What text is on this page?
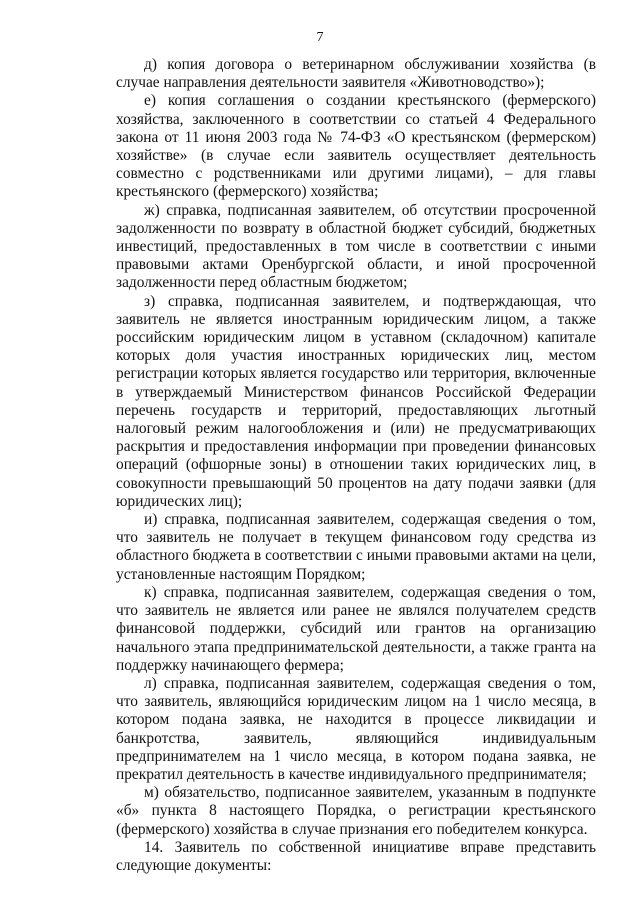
7

д) копия договора о ветеринарном обслуживании хозяйства (в случае направления деятельности заявителя «Животноводство»);

е) копия соглашения о создании крестьянского (фермерского) хозяйства, заключенного в соответствии со статьей 4 Федерального закона от 11 июня 2003 года № 74-ФЗ «О крестьянском (фермерском) хозяйстве» (в случае если заявитель осуществляет деятельность совместно с родственниками или другими лицами), – для главы крестьянского (фермерского) хозяйства;

ж) справка, подписанная заявителем, об отсутствии просроченной задолженности по возврату в областной бюджет субсидий, бюджетных инвестиций, предоставленных в том числе в соответствии с иными правовыми актами Оренбургской области, и иной просроченной задолженности перед областным бюджетом;

з) справка, подписанная заявителем, и подтверждающая, что заявитель не является иностранным юридическим лицом, а также российским юридическим лицом в уставном (складочном) капитале которых доля участия иностранных юридических лиц, местом регистрации которых является государство или территория, включенные в утверждаемый Министерством финансов Российской Федерации перечень государств и территорий, предоставляющих льготный налоговый режим налогообложения и (или) не предусматривающих раскрытия и предоставления информации при проведении финансовых операций (офшорные зоны) в отношении таких юридических лиц, в совокупности превышающий 50 процентов на дату подачи заявки (для юридических лиц);

и) справка, подписанная заявителем, содержащая сведения о том, что заявитель не получает в текущем финансовом году средства из областного бюджета в соответствии с иными правовыми актами на цели, установленные настоящим Порядком;

к) справка, подписанная заявителем, содержащая сведения о том, что заявитель не является или ранее не являлся получателем средств финансовой поддержки, субсидий или грантов на организацию начального этапа предпринимательской деятельности, а также гранта на поддержку начинающего фермера;

л) справка, подписанная заявителем, содержащая сведения о том, что заявитель, являющийся юридическим лицом на 1 число месяца, в котором подана заявка, не находится в процессе ликвидации и банкротства, заявитель, являющийся индивидуальным предпринимателем на 1 число месяца, в котором подана заявка, не прекратил деятельность в качестве индивидуального предпринимателя;

м) обязательство, подписанное заявителем, указанным в подпункте «б» пункта 8 настоящего Порядка, о регистрации крестьянского (фермерского) хозяйства в случае признания его победителем конкурса.

14. Заявитель по собственной инициативе вправе представить следующие документы:
